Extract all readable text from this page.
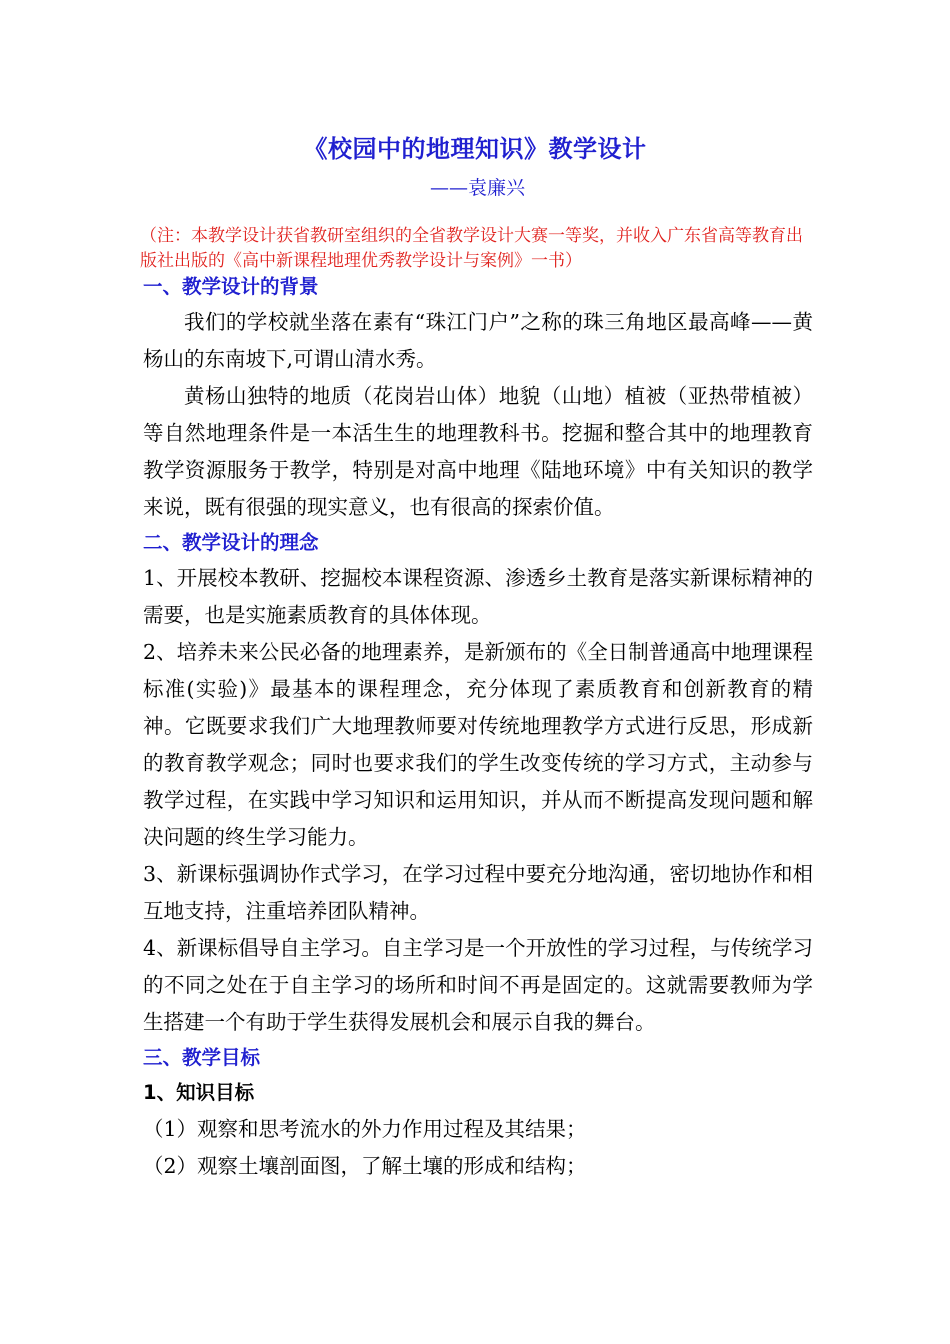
《校园中的地理知识》教学设计
——袁廉兴
（注：本教学设计获省教研室组织的全省教学设计大赛一等奖，并收入广东省高等教育出版社出版的《高中新课程地理优秀教学设计与案例》一书）
一、教学设计的背景

我们的学校就坐落在素有“珠江门户”之称的珠三角地区最高峰——黄杨山的东南坡下,可谓山清水秀。

黄杨山独特的地质（花岗岩山体）地貌（山地）植被（亚热带植被）等自然地理条件是一本活生生的地理教科书。挖掘和整合其中的地理教育教学资源服务于教学，特别是对高中地理《陆地环境》中有关知识的教学来说，既有很强的现实意义，也有很高的探索价值。

二、教学设计的理念

1、开展校本教研、挖掘校本课程资源、渗透乡土教育是落实新课标精神的需要，也是实施素质教育的具体体现。

2、培养未来公民必备的地理素养，是新颁布的《全日制普通高中地理课程标准(实验)》最基本的课程理念，充分体现了素质教育和创新教育的精神。它既要求我们广大地理教师要对传统地理教学方式进行反思，形成新的教育教学观念；同时也要求我们的学生改变传统的学习方式，主动参与教学过程，在实践中学习知识和运用知识，并从而不断提高发现问题和解决问题的终生学习能力。

3、新课标强调协作式学习，在学习过程中要充分地沟通，密切地协作和相互地支持，注重培养团队精神。

4、新课标倡导自主学习。自主学习是一个开放性的学习过程，与传统学习的不同之处在于自主学习的场所和时间不再是固定的。这就需要教师为学生搭建一个有助于学生获得发展机会和展示自我的舞台。

三、教学目标
1、知识目标

（1）观察和思考流水的外力作用过程及其结果；

（2）观察土壤剖面图，了解土壤的形成和结构；
